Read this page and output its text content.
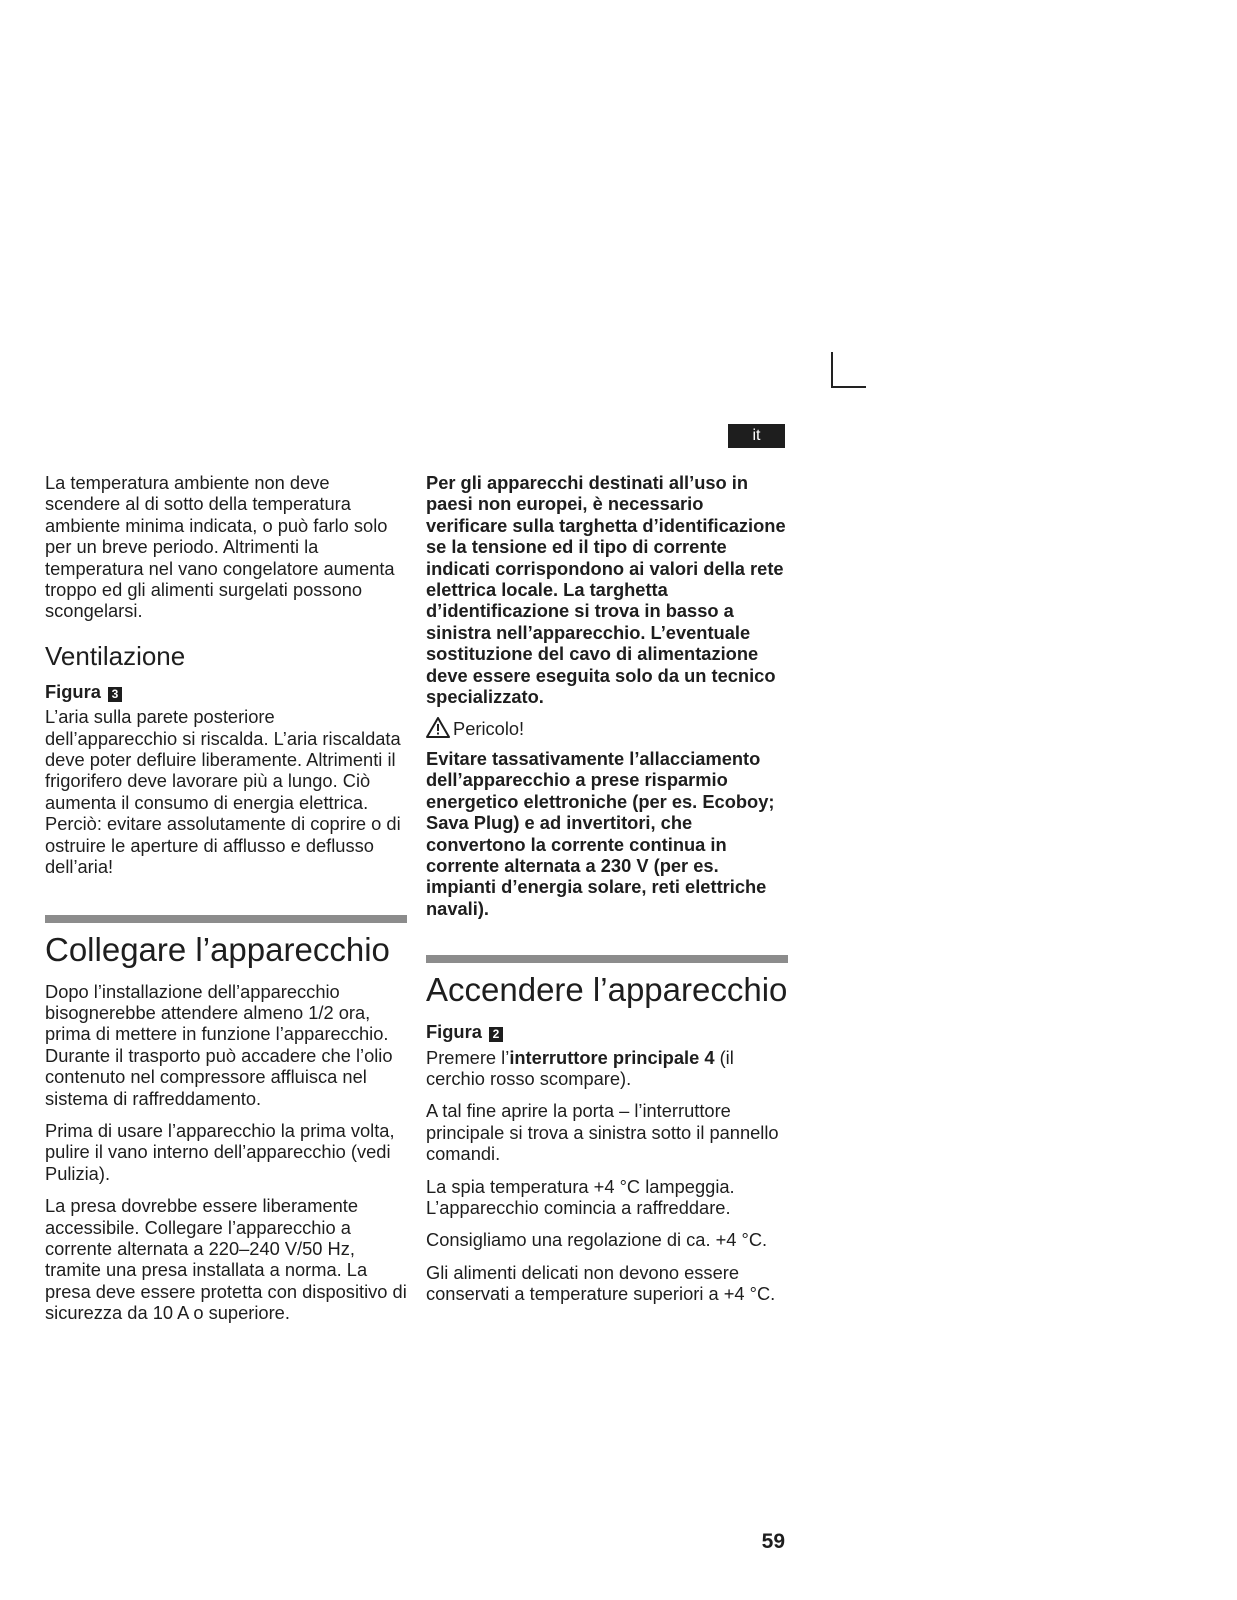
it

La temperatura ambiente non deve scendere al di sotto della temperatura ambiente minima indicata, o può farlo solo per un breve periodo. Altrimenti la temperatura nel vano congelatore aumenta troppo ed gli alimenti surgelati possono scongelarsi.

Ventilazione
Figura 3

L’aria sulla parete posteriore dell’apparecchio si riscalda. L’aria riscaldata deve poter defluire liberamente. Altrimenti il frigorifero deve lavorare più a lungo. Ciò aumenta il consumo di energia elettrica.

Perciò: evitare assolutamente di coprire o di ostruire le aperture di afflusso e deflusso dell’aria!

Collegare l’apparecchio

Dopo l’installazione dell’apparecchio bisognerebbe attendere almeno 1/2 ora, prima di mettere in funzione l’apparecchio. Durante il trasporto può accadere che l’olio contenuto nel compressore affluisca nel sistema di raffreddamento.

Prima di usare l’apparecchio la prima volta, pulire il vano interno dell’apparecchio (vedi Pulizia).

La presa dovrebbe essere liberamente accessibile. Collegare l’apparecchio a corrente alternata a 220–240 V/50 Hz, tramite una presa installata a norma. La presa deve essere protetta con dispositivo di sicurezza da 10 A o superiore.

Per gli apparecchi destinati all’uso in paesi non europei, è necessario verificare sulla targhetta d’identificazione se la tensione ed il tipo di corrente indicati corrispondono ai valori della rete elettrica locale. La targhetta d’identificazione si trova in basso a sinistra nell’apparecchio. L’eventuale sostituzione del cavo di alimentazione deve essere eseguita solo da un tecnico specializzato.

Pericolo!

Evitare tassativamente l’allacciamento dell’apparecchio a prese risparmio energetico elettroniche (per es. Ecoboy; Sava Plug) e ad invertitori, che convertono la corrente continua in corrente alternata a 230 V (per es. impianti d’energia solare, reti elettriche navali).

Accendere l’apparecchio
Figura 2

Premere l’interruttore principale 4 (il cerchio rosso scompare).

A tal fine aprire la porta – l’interruttore principale si trova a sinistra sotto il pannello comandi.

La spia temperatura +4 °C lampeggia. L’apparecchio comincia a raffreddare.

Consigliamo una regolazione di ca. +4 °C.

Gli alimenti delicati non devono essere conservati a temperature superiori a +4 °C.

59
